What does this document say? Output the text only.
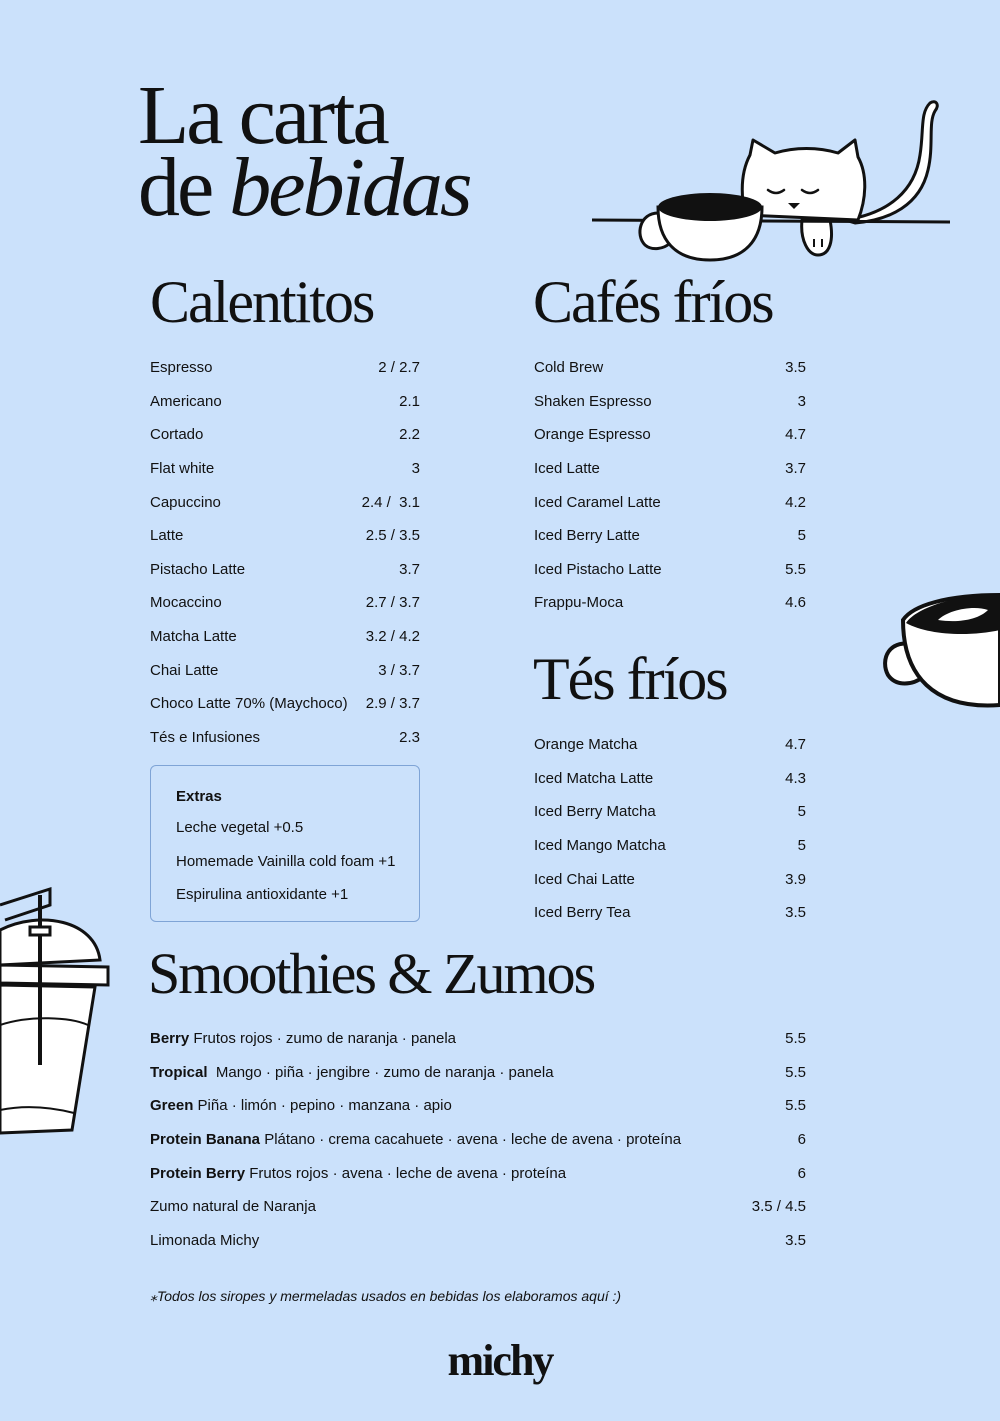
La carta
de bebidas
Calentitos
Espresso	2 / 2.7
Americano	2.1
Cortado	2.2
Flat white	3
Capuccino	2.4 /  3.1
Latte	2.5 / 3.5
Pistacho Latte	3.7
Mocaccino	2.7 / 3.7
Matcha Latte	3.2 / 4.2
Chai Latte	3 / 3.7
Choco Latte 70% (Maychoco) 2.9 / 3.7
Tés e Infusiones	2.3
Extras
Leche vegetal +0.5
Homemade Vainilla cold foam +1
Espirulina antioxidante +1
Cafés fríos
Cold Brew	3.5
Shaken Espresso	3
Orange Espresso	4.7
Iced Latte	3.7
Iced Caramel Latte	4.2
Iced Berry Latte	5
Iced Pistacho Latte	5.5
Frappu-Moca	4.6
Tés fríos
Orange Matcha	4.7
Iced Matcha Latte	4.3
Iced Berry Matcha	5
Iced Mango Matcha	5
Iced Chai Latte	3.9
Iced Berry Tea	3.5
Smoothies & Zumos
Berry Frutos rojos · zumo de naranja · panela	5.5
Tropical  Mango · piña · jengibre · zumo de naranja · panela	5.5
Green Piña · limón · pepino · manzana · apio	5.5
Protein Banana Plátano · crema cacahuete · avena · leche de avena · proteína	6
Protein Berry Frutos rojos · avena · leche de avena · proteína	6
Zumo natural de Naranja	3.5 / 4.5
Limonada Michy	3.5
⁎Todos los siropes y mermeladas usados en bebidas los elaboramos aquí :)
michy
